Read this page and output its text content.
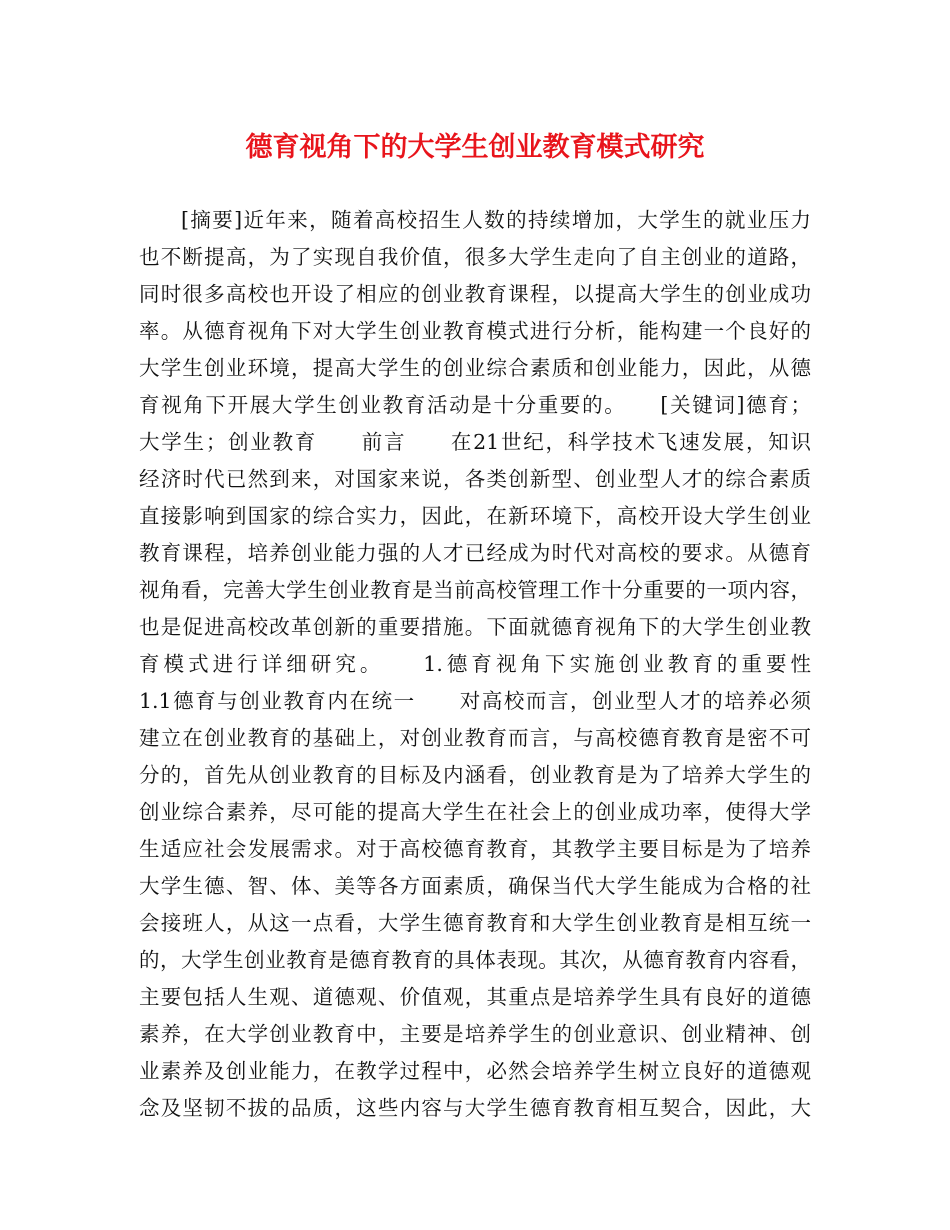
德育视角下的大学生创业教育模式研究
[摘要]近年来，随着高校招生人数的持续增加，大学生的就业压力
也不断提高，为了实现自我价值，很多大学生走向了自主创业的道路，
同时很多高校也开设了相应的创业教育课程，以提高大学生的创业成功
率。从德育视角下对大学生创业教育模式进行分析，能构建一个良好的
大学生创业环境，提高大学生的创业综合素质和创业能力，因此，从德
育视角下开展大学生创业教育活动是十分重要的。　　[关键词]德育；
大学生；创业教育　　前言　　在21世纪，科学技术飞速发展，知识
经济时代已然到来，对国家来说，各类创新型、创业型人才的综合素质
直接影响到国家的综合实力，因此，在新环境下，高校开设大学生创业
教育课程，培养创业能力强的人才已经成为时代对高校的要求。从德育
视角看，完善大学生创业教育是当前高校管理工作十分重要的一项内容，
也是促进高校改革创新的重要措施。下面就德育视角下的大学生创业教
育模式进行详细研究。　　1.德育视角下实施创业教育的重要性
1.1德育与创业教育内在统一　　对高校而言，创业型人才的培养必须
建立在创业教育的基础上，对创业教育而言，与高校德育教育是密不可
分的，首先从创业教育的目标及内涵看，创业教育是为了培养大学生的
创业综合素养，尽可能的提高大学生在社会上的创业成功率，使得大学
生适应社会发展需求。对于高校德育教育，其教学主要目标是为了培养
大学生德、智、体、美等各方面素质，确保当代大学生能成为合格的社
会接班人，从这一点看，大学生德育教育和大学生创业教育是相互统一
的，大学生创业教育是德育教育的具体表现。其次，从德育教育内容看，
主要包括人生观、道德观、价值观，其重点是培养学生具有良好的道德
素养，在大学创业教育中，主要是培养学生的创业意识、创业精神、创
业素养及创业能力，在教学过程中，必然会培养学生树立良好的道德观
念及坚韧不拔的品质，这些内容与大学生德育教育相互契合，因此，大
